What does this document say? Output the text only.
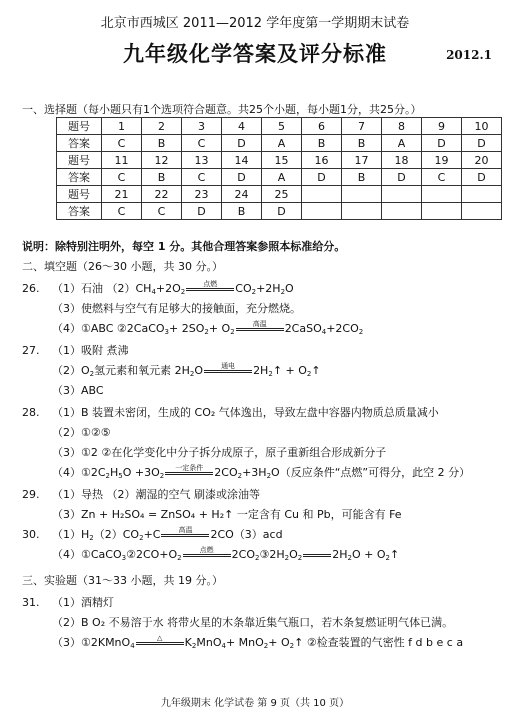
北京市西城区 2011—2012 学年度第一学期期末试卷
九年级化学答案及评分标准	2012.1
一、选择题（每小题只有1个选项符合题意。共25个小题，每小题1分，共25分。）
题号	1	2	3	4	5	6	7	8	9	10
答案	C	B	C	D	A	B	B	A	D	D
题号	11	12	13	14	15	16	17	18	19	20
答案	C	B	C	D	A	D	B	D	C	D
题号	21	22	23	24	25					
答案	C	C	D	B	D					
说明：除特别注明外，每空 1 分。其他合理答案参照本标准给分。
二、填空题（26～30 小题，共 30 分。）
26. （1）石油 （2）CH4+2O2
点燃	CO2+2H2O
（3）使燃料与空气有足够大的接触面，充分燃烧。
（4）①ABC ②2CaCO3+ 2SO2+ O2
高温	2CaSO4+2CO2
27. （1）吸附 煮沸
（2）O2氢元素和氧元素 2H2O	通电	2H2↑ + O2↑
（3）ABC
28. （1）B 装置未密闭，生成的 CO₂ 气体逸出，导致左盘中容器内物质总质量减小
（2）①②⑤
（3）①2 ②在化学变化中分子拆分成原子，原子重新组合形成新分子
（4）①2C2H5O +3O2
一定条件	2CO2+3H2O（反应条件“点燃”可得分，此空 2 分）
29. （1）导热 （2）潮湿的空气 刷漆或涂油等
（3）Zn + H₂SO₄ = ZnSO₄ + H₂↑ 一定含有 Cu 和 Pb，可能含有 Fe
30. （1）H2（2）CO2+C	高温	2CO（3）acd
（4）①CaCO3②2CO+O2
点燃	2CO2③2H2O2
	2H2O + O2↑
三、实验题（31～33 小题，共 19 分。）
31. （1）酒精灯
（2）B O₂ 不易溶于水 将带火星的木条靠近集气瓶口，若木条复燃证明气体已满。
（3）①2KMnO4
△	K2MnO4+ MnO2+ O2↑ ②检查装置的气密性 f d b e c a
九年级期末 化学试卷 第 9 页（共 10 页）
